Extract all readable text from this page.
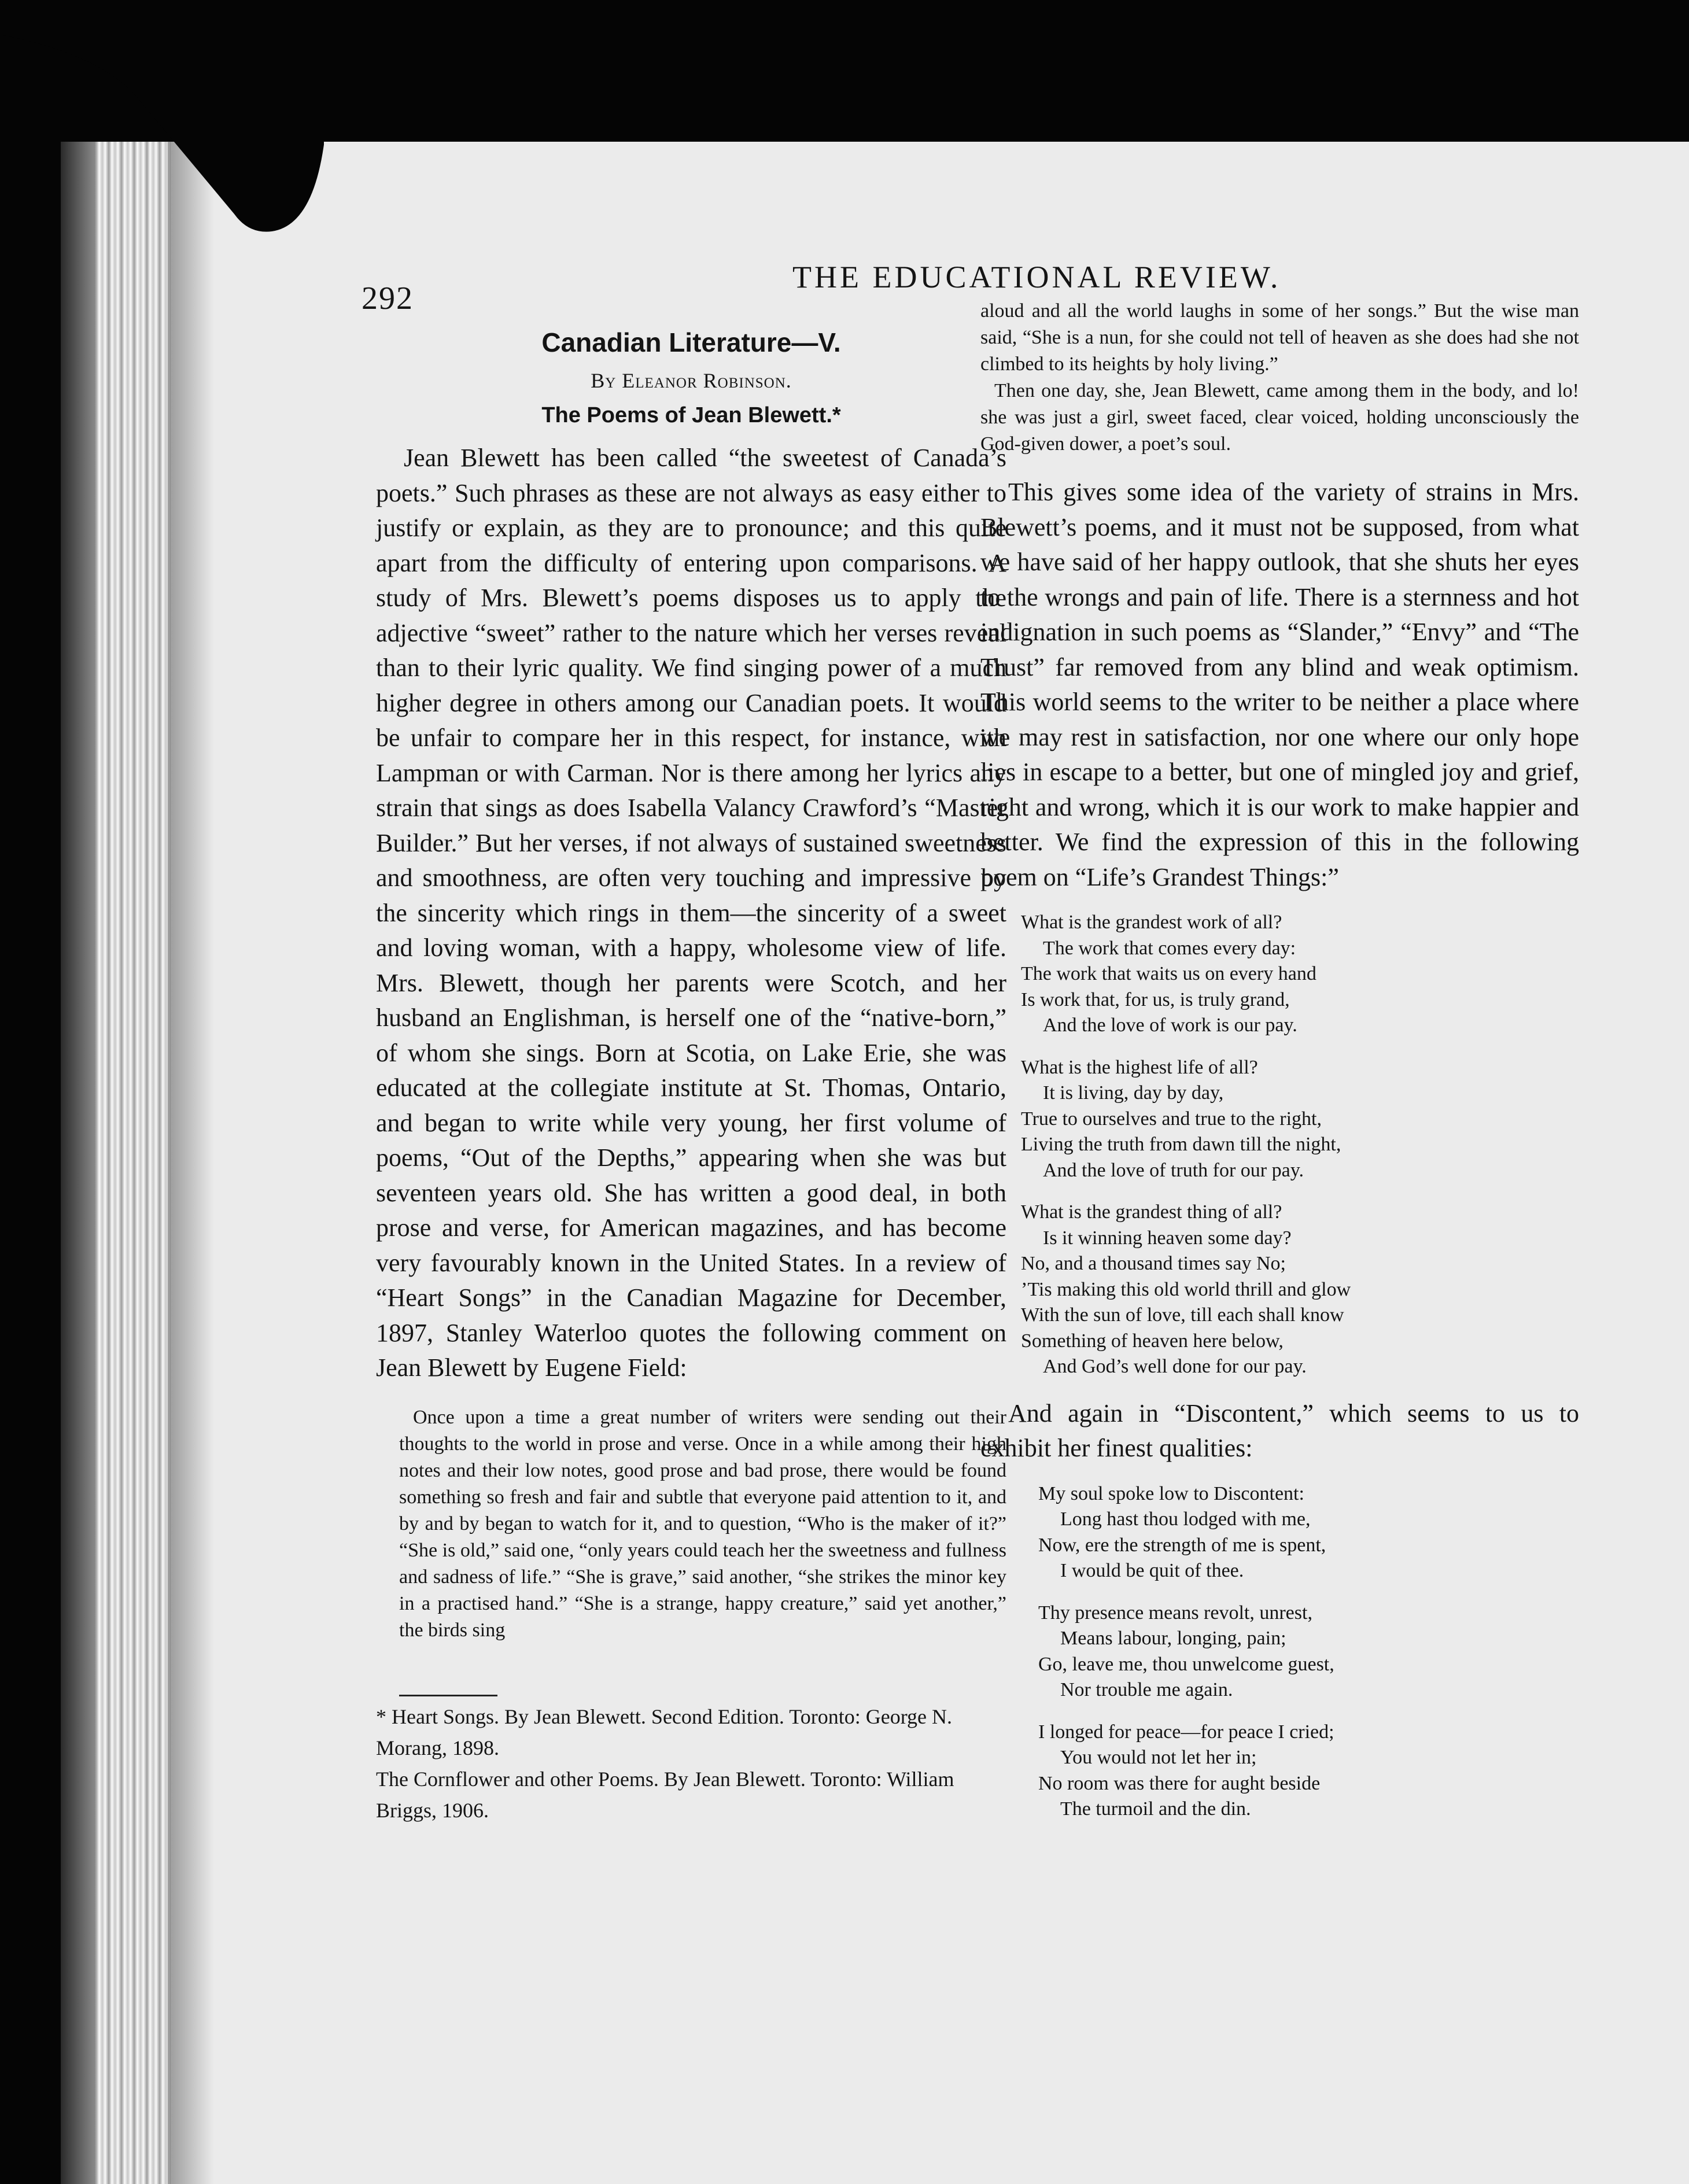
292
THE EDUCATIONAL REVIEW.

Canadian Literature—V.

By Eleanor Robinson.

The Poems of Jean Blewett.*

Jean Blewett has been called “the sweetest of Canada’s poets.” Such phrases as these are not always as easy either to justify or explain, as they are to pronounce; and this quite apart from the difficulty of entering upon comparisons. A study of Mrs. Blewett’s poems disposes us to apply the adjective “sweet” rather to the nature which her verses reveal than to their lyric quality. We find singing power of a much higher degree in others among our Canadian poets. It would be unfair to compare her in this respect, for instance, with Lampman or with Carman. Nor is there among her lyrics any strain that sings as does Isabella Valancy Crawford’s “Master Builder.” But her verses, if not always of sustained sweetness and smoothness, are often very touching and impressive by the sincerity which rings in them—the sincerity of a sweet and loving woman, with a happy, wholesome view of life. Mrs. Blewett, though her parents were Scotch, and her husband an Englishman, is herself one of the “native-born,” of whom she sings. Born at Scotia, on Lake Erie, she was educated at the collegiate institute at St. Thomas, Ontario, and began to write while very young, her first volume of poems, “Out of the Depths,” appearing when she was but seventeen years old. She has written a good deal, in both prose and verse, for American magazines, and has become very favourably known in the United States. In a review of “Heart Songs” in the Canadian Magazine for December, 1897, Stanley Waterloo quotes the following comment on Jean Blewett by Eugene Field:

Once upon a time a great number of writers were sending out their thoughts to the world in prose and verse. Once in a while among their high notes and their low notes, good prose and bad prose, there would be found something so fresh and fair and subtle that everyone paid attention to it, and by and by began to watch for it, and to question, “Who is the maker of it?” “She is old,” said one, “only years could teach her the sweetness and fullness and sadness of life.” “She is grave,” said another, “she strikes the minor key in a practised hand.” “She is a strange, happy creature,” said yet another,” the birds sing

* Heart Songs. By Jean Blewett. Second Edition. Toronto: George N. Morang, 1898.

The Cornflower and other Poems. By Jean Blewett. Toronto: William Briggs, 1906.

aloud and all the world laughs in some of her songs.” But the wise man said, “She is a nun, for she could not tell of heaven as she does had she not climbed to its heights by holy living.”

Then one day, she, Jean Blewett, came among them in the body, and lo! she was just a girl, sweet faced, clear voiced, holding unconsciously the God-given dower, a poet’s soul.

This gives some idea of the variety of strains in Mrs. Blewett’s poems, and it must not be supposed, from what we have said of her happy outlook, that she shuts her eyes to the wrongs and pain of life. There is a sternness and hot indignation in such poems as “Slander,” “Envy” and “The Trust” far removed from any blind and weak optimism. This world seems to the writer to be neither a place where we may rest in satisfaction, nor one where our only hope lies in escape to a better, but one of mingled joy and grief, right and wrong, which it is our work to make happier and better. We find the expression of this in the following poem on “Life’s Grandest Things:”

What is the grandest work of all?

The work that comes every day:

The work that waits us on every hand

Is work that, for us, is truly grand,

And the love of work is our pay.

What is the highest life of all?

It is living, day by day,

True to ourselves and true to the right,

Living the truth from dawn till the night,

And the love of truth for our pay.

What is the grandest thing of all?

Is it winning heaven some day?

No, and a thousand times say No;

’Tis making this old world thrill and glow

With the sun of love, till each shall know

Something of heaven here below,

And God’s well done for our pay.

And again in “Discontent,” which seems to us to exhibit her finest qualities:

My soul spoke low to Discontent:

Long hast thou lodged with me,

Now, ere the strength of me is spent,

I would be quit of thee.

Thy presence means revolt, unrest,

Means labour, longing, pain;

Go, leave me, thou unwelcome guest,

Nor trouble me again.

I longed for peace—for peace I cried;

You would not let her in;

No room was there for aught beside

The turmoil and the din.
